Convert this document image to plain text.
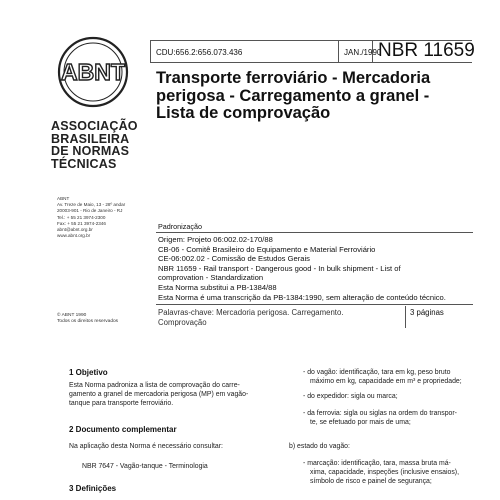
ABNT
ASSOCIAÇÃO
BRASILEIRA
DE NORMAS
TÉCNICAS
ABNT
Av. Treze de Maio, 13 - 28º andar
20003-901 - Rio de Janeiro - RJ
Tel.: + 55 21 3974-2300
Fax: + 55 21 3974-2346
abnt@abnt.org.br
www.abnt.org.br
© ABNT 1990
Todos os direitos reservados
CDU:656.2:656.073.436	JAN./1990
NBR 11659
Transporte ferroviário - Mercadoria
perigosa - Carregamento a granel -
Lista de comprovação
Padronização
Origem: Projeto 06:002.02-170/88
CB-06 - Comitê Brasileiro do Equipamento e Material Ferroviário
CE-06:002.02 - Comissão de Estudos Gerais
NBR 11659 - Rail transport - Dangerous good - In bulk shipment - List of
comprovation - Standardization
Esta Norma substitui a PB-1384/88
Esta Norma é uma transcrição da PB-1384:1990, sem alteração de conteúdo técnico.
Palavras-chave: Mercadoria perigosa. Carregamento.
Comprovação
3 páginas
1 Objetivo
Esta Norma padroniza a lista de comprovação do carre-
gamento a granel de mercadoria perigosa (MP) em vagão-
tanque para transporte ferroviário.
2 Documento complementar
Na aplicação desta Norma é necessário consultar:
NBR 7647 - Vagão-tanque - Terminologia
3 Definições
- do vagão: identificação, tara em kg, peso bruto
máximo em kg, capacidade em m³ e propriedade;
- do expedidor: sigla ou marca;
- da ferrovia: sigla ou siglas na ordem do transpor-
te, se efetuado por mais de uma;
b) estado do vagão:
- marcação: identificação, tara, massa bruta má-
xima, capacidade, inspeções (inclusive ensaios),
símbolo de risco e painel de segurança;
